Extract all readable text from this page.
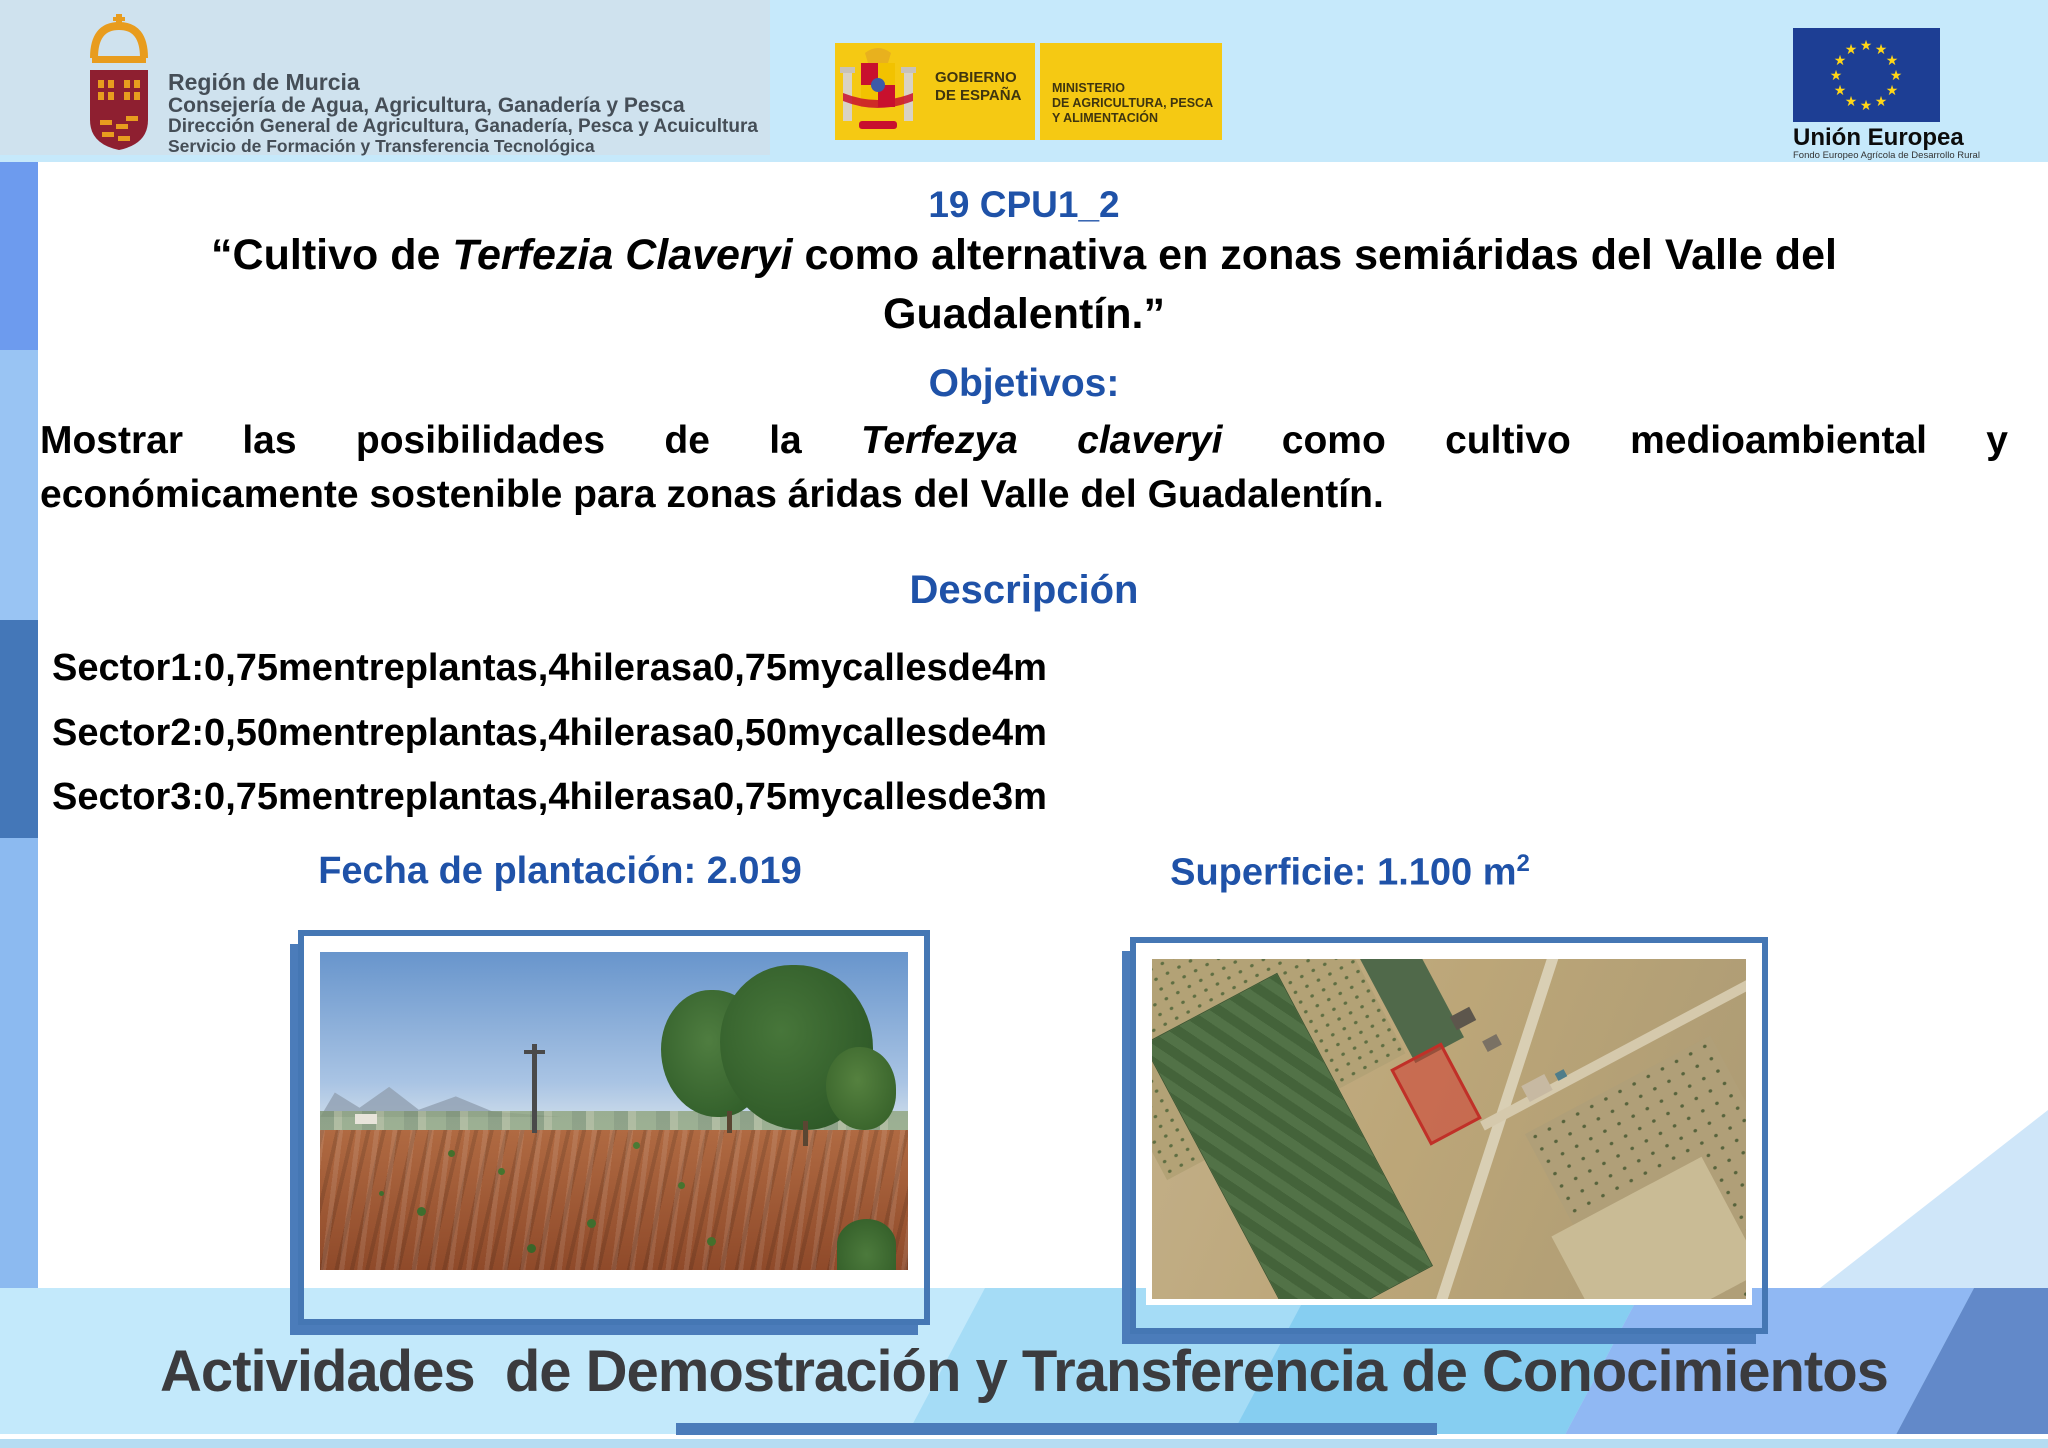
Región de Murcia
Consejería de Agua, Agricultura, Ganadería y Pesca
Dirección General de Agricultura, Ganadería, Pesca y Acuicultura
Servicio de Formación y Transferencia Tecnológica
GOBIERNO
DE ESPAÑA MINISTERIO
DE AGRICULTURA, PESCA
Y ALIMENTACIÓN
★ ★
★
★
★
★
★
★
★
★
★
★
Unión Europea
Fondo Europeo Agrícola de Desarrollo Rural
19 CPU1_2
“Cultivo de Terfezia Claveryi como alternativa en zonas semiáridas del Valle del Guadalentín.”
Objetivos:
Mostrar las posibilidades de la Terfezya claveryi como cultivo medioambiental y
económicamente sostenible para zonas áridas del Valle del Guadalentín.
Descripción
Sector1:0,75mentreplantas,4hilerasa0,75mycallesde4m
Sector2:0,50mentreplantas,4hilerasa0,50mycallesde4m
Sector3:0,75mentreplantas,4hilerasa0,75mycallesde3m
Fecha de plantación: 2.019	Superficie: 1.100 $m^2$
Actividades  de Demostración y Transferencia de Conocimientos
